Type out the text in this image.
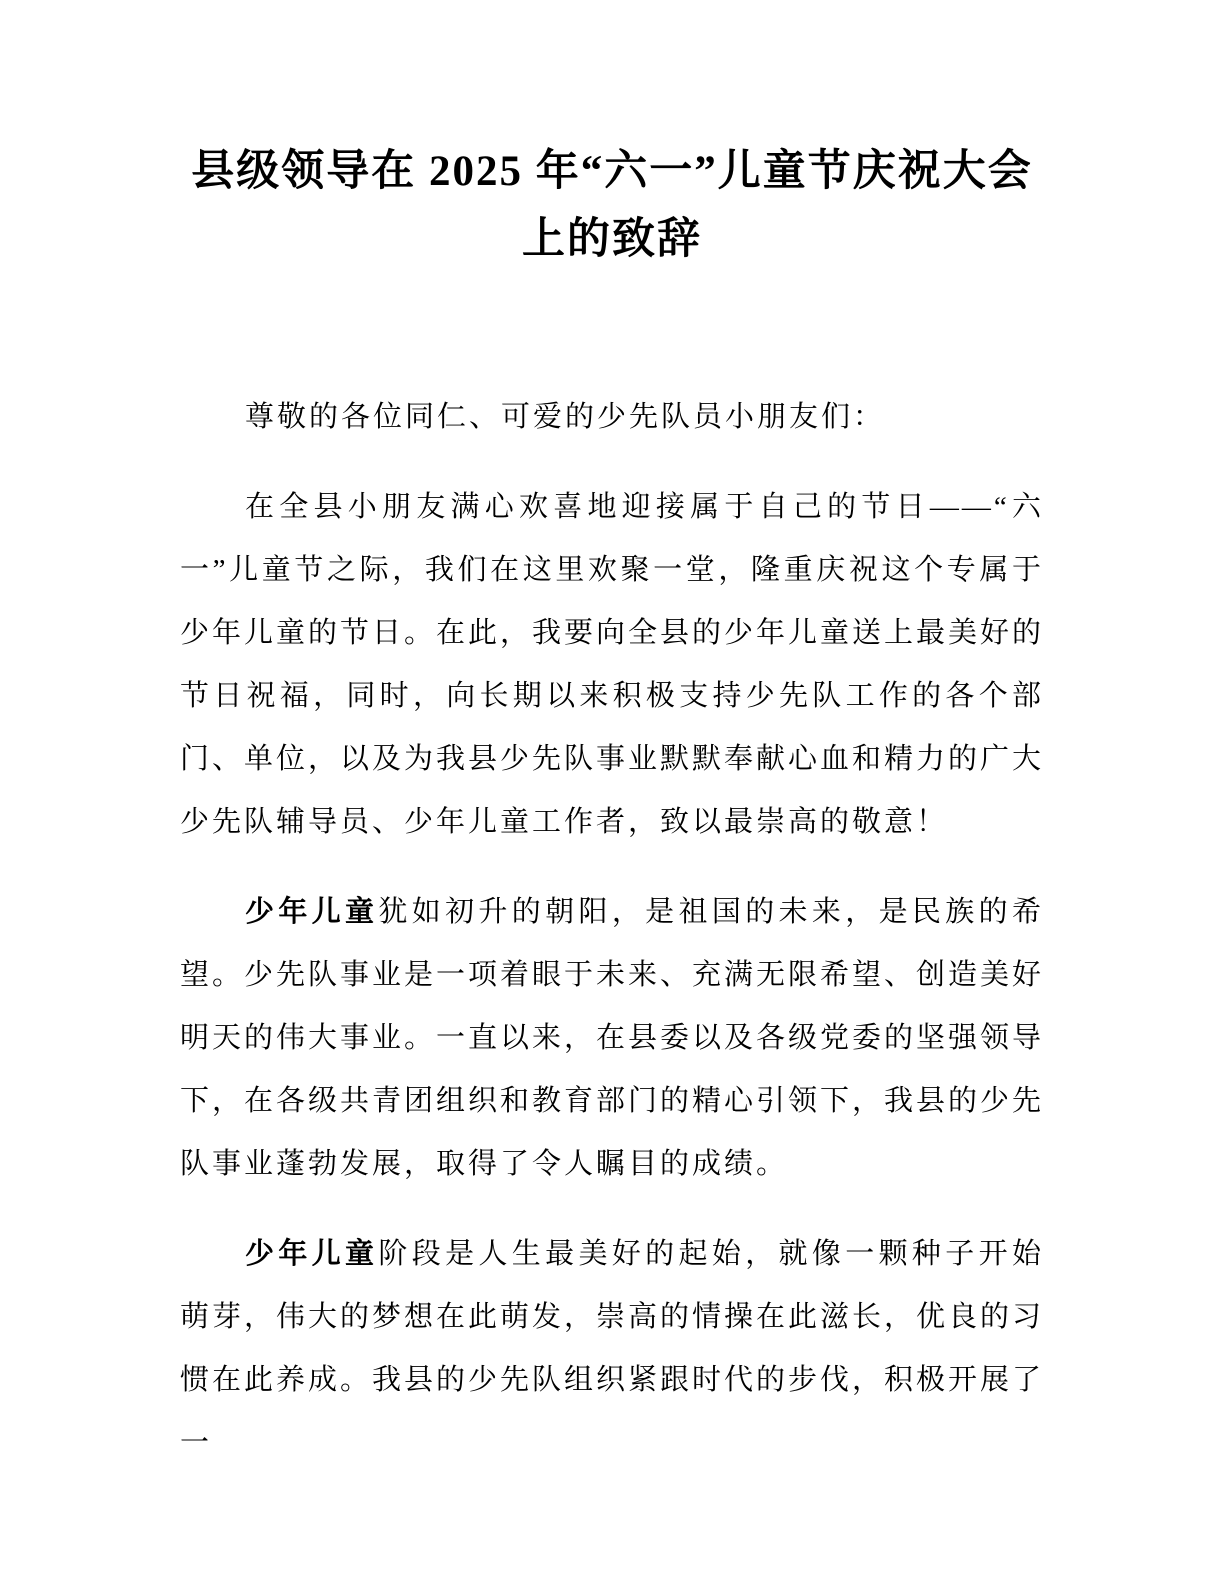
县级领导在 2025 年“六一”儿童节庆祝大会
上的致辞

尊敬的各位同仁、可爱的少先队员小朋友们：

在全县小朋友满心欢喜地迎接属于自己的节日——“六一”儿童节之际，我们在这里欢聚一堂，隆重庆祝这个专属于少年儿童的节日。在此，我要向全县的少年儿童送上最美好的节日祝福，同时，向长期以来积极支持少先队工作的各个部门、单位，以及为我县少先队事业默默奉献心血和精力的广大少先队辅导员、少年儿童工作者，致以最崇高的敬意！

少年儿童犹如初升的朝阳，是祖国的未来，是民族的希望。少先队事业是一项着眼于未来、充满无限希望、创造美好明天的伟大事业。一直以来，在县委以及各级党委的坚强领导下，在各级共青团组织和教育部门的精心引领下，我县的少先队事业蓬勃发展，取得了令人瞩目的成绩。

少年儿童阶段是人生最美好的起始，就像一颗种子开始萌芽，伟大的梦想在此萌发，崇高的情操在此滋长，优良的习惯在此养成。我县的少先队组织紧跟时代的步伐，积极开展了一
